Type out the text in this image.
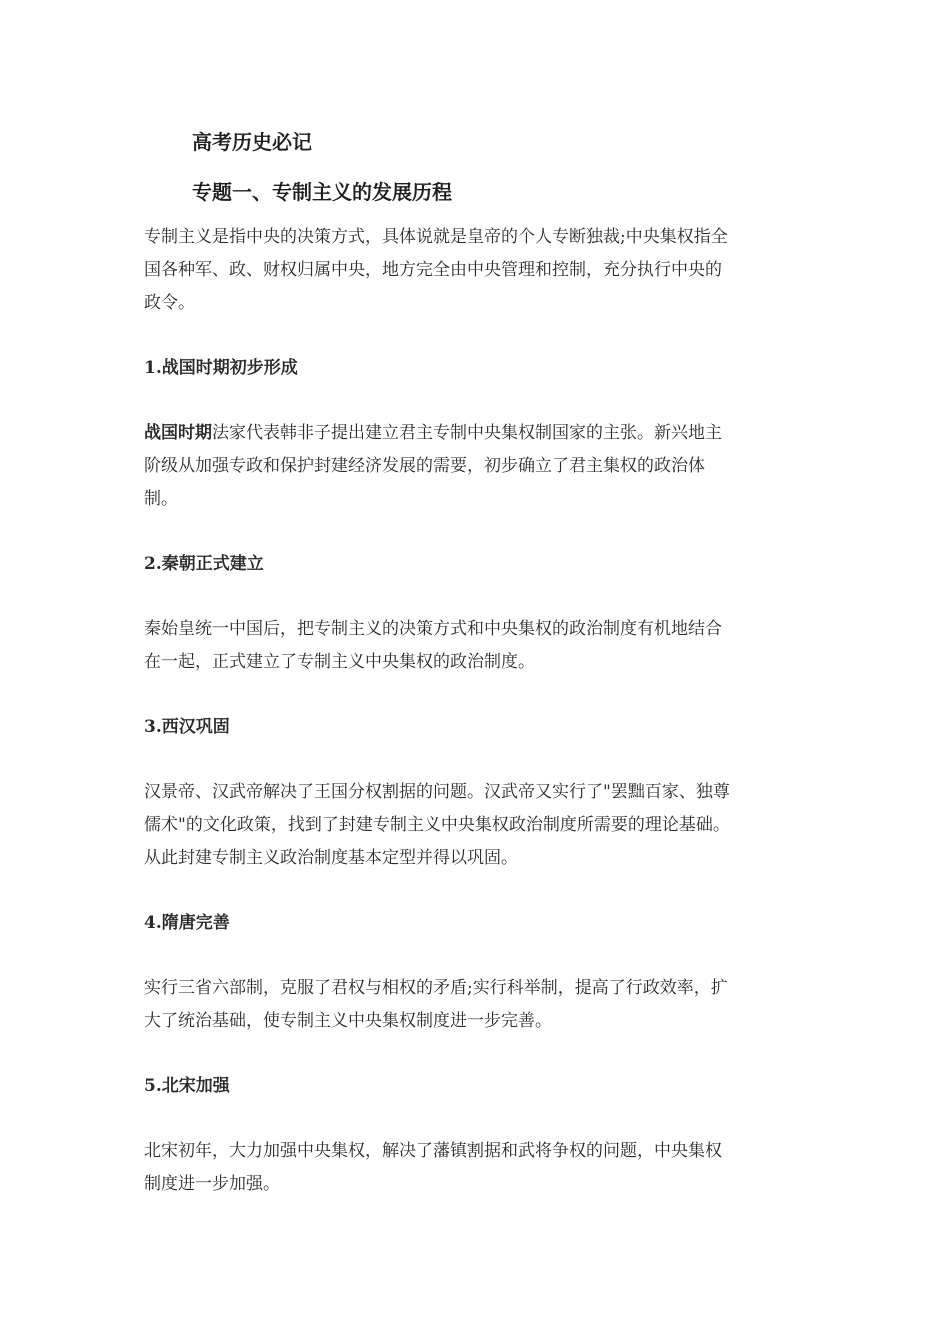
高考历史必记
专题一、专制主义的发展历程

专制主义是指中央的决策方式，具体说就是皇帝的个人专断独裁;中央集权指全
国各种军、政、财权归属中央，地方完全由中央管理和控制，充分执行中央的
政令。

1.战国时期初步形成

战国时期法家代表韩非子提出建立君主专制中央集权制国家的主张。新兴地主
阶级从加强专政和保护封建经济发展的需要，初步确立了君主集权的政治体
制。

2.秦朝正式建立

秦始皇统一中国后，把专制主义的决策方式和中央集权的政治制度有机地结合
在一起，正式建立了专制主义中央集权的政治制度。

3.西汉巩固

汉景帝、汉武帝解决了王国分权割据的问题。汉武帝又实行了"罢黜百家、独尊
儒术"的文化政策，找到了封建专制主义中央集权政治制度所需要的理论基础。
从此封建专制主义政治制度基本定型并得以巩固。

4.隋唐完善

实行三省六部制，克服了君权与相权的矛盾;实行科举制，提高了行政效率，扩
大了统治基础，使专制主义中央集权制度进一步完善。

5.北宋加强

北宋初年，大力加强中央集权，解决了藩镇割据和武将争权的问题，中央集权
制度进一步加强。
